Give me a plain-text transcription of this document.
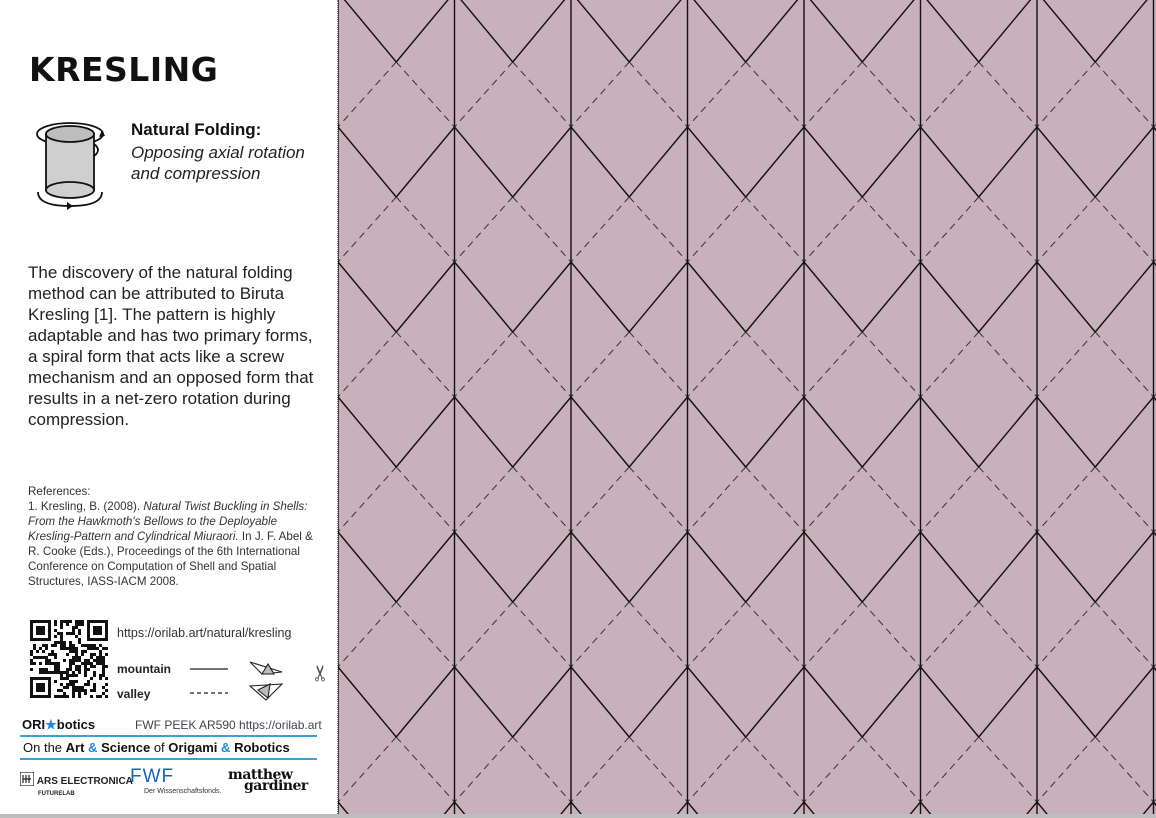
KRESLING
Natural Folding:
Opposing axial rotation and compression
The discovery of the natural folding method can be attributed to Biruta Kresling [1]. The pattern is highly adaptable and has two primary forms, a spiral form that acts like a screw mechanism and an opposed form that results in a net-zero rotation during compression.
References:
1. Kresling, B. (2008). Natural Twist Buckling in Shells: From the Hawkmoth's Bellows to the Deployable Kresling-Pattern and Cylindrical Miuraori. In J. F. Abel & R. Cooke (Eds.), Proceedings of the 6th International Conference on Computation of Shell and Spatial Structures, IASS-IACM 2008.
https://orilab.art/natural/kresling
mountain
valley
✂
ORI★botics	FWF PEEK AR590 https://orilab.art
On the Art & Science of Origami & Robotics
ARS ELECTRONICA
FUTURELAB
FWF
Der Wissenschaftsfonds.
matthew
gardiner
